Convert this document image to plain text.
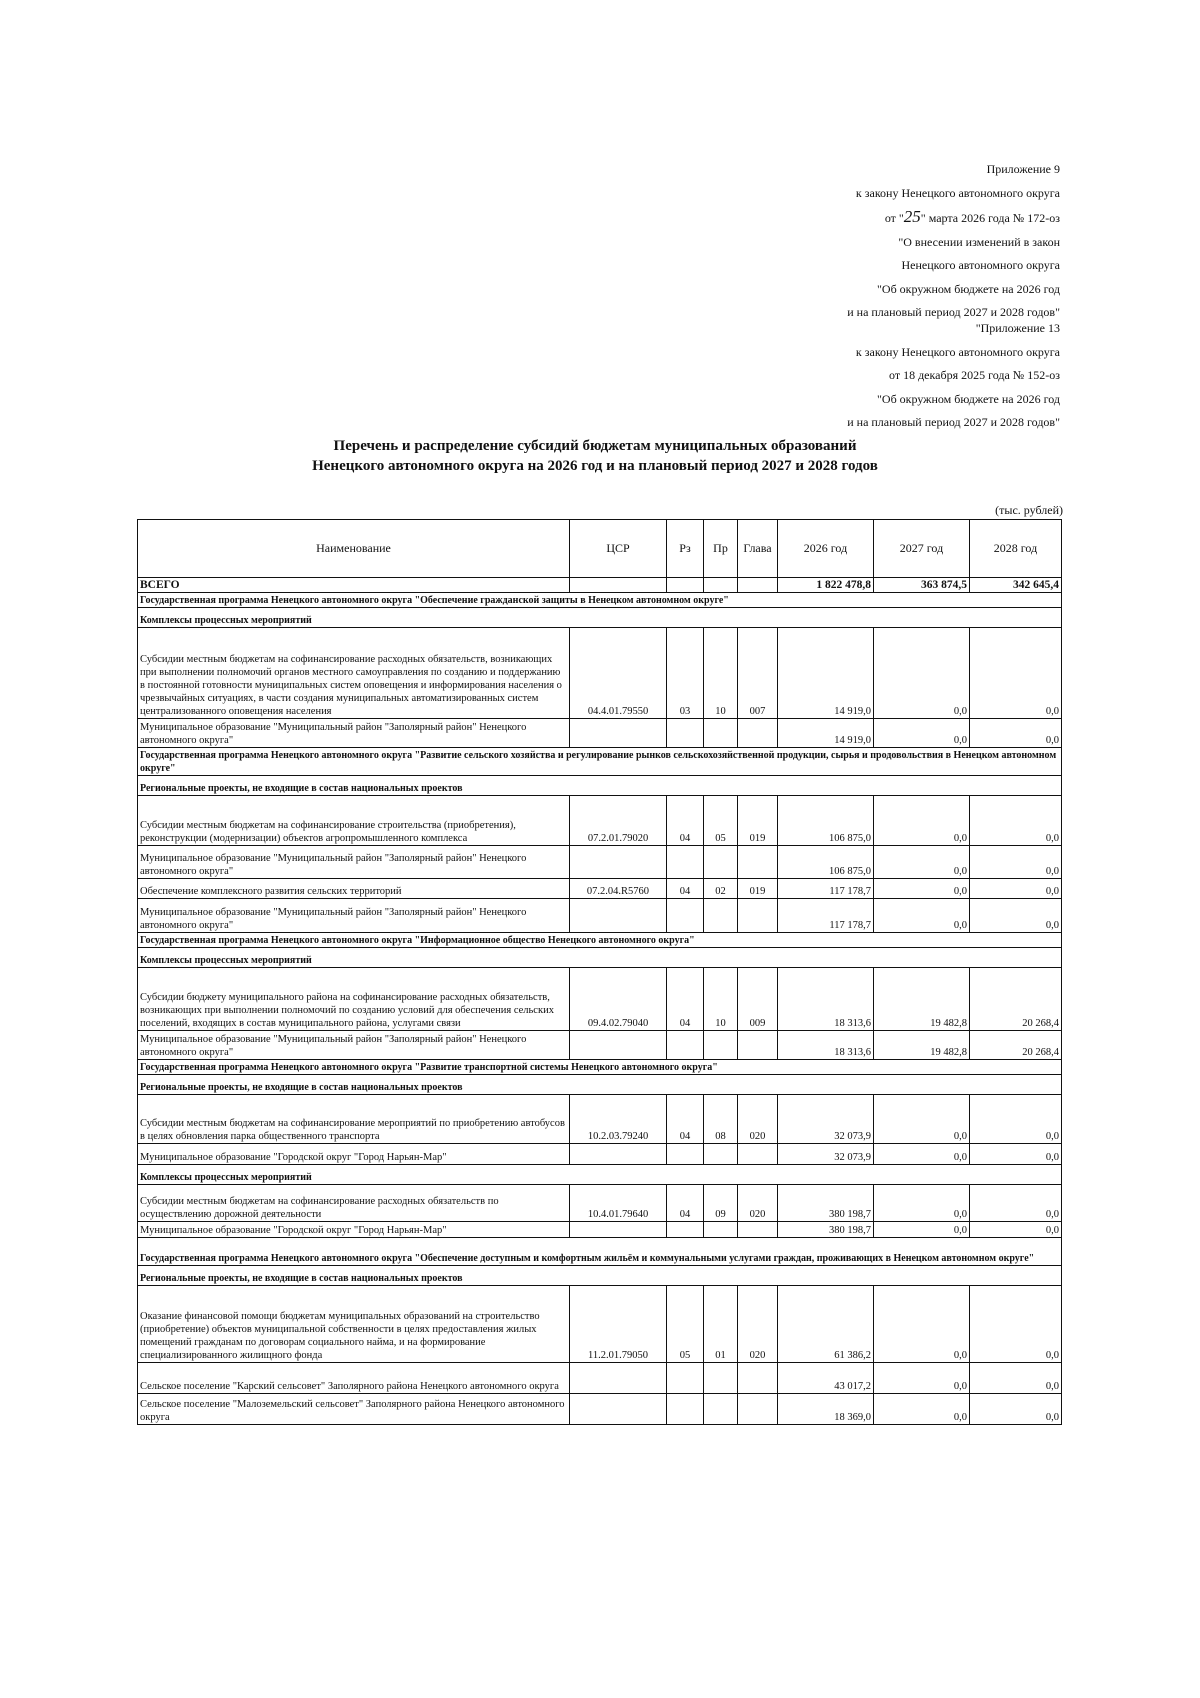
Приложение 9
к закону Ненецкого автономного округа
от "25" марта 2026 года № 172-оз
"О внесении изменений в закон
Ненецкого автономного округа
"Об окружном бюджете на 2026 год
и на плановый период 2027 и 2028 годов"
"Приложение 13
к закону Ненецкого автономного округа
от 18 декабря 2025 года № 152-оз
"Об окружном бюджете на 2026 год
и на плановый период 2027 и 2028 годов"
Перечень и распределение субсидий бюджетам муниципальных образований
Ненецкого автономного округа на 2026 год и на плановый период 2027 и 2028 годов
(тыс. рублей)
Наименование	ЦСР	Рз	Пр	Глава	2026 год	2027 год	2028 год
ВСЕГО					1 822 478,8	363 874,5	342 645,4
Государственная программа Ненецкого автономного округа "Обеспечение гражданской защиты в Ненецком автономном округе"							
Комплексы процессных мероприятий							
Субсидии местным бюджетам на софинансирование расходных обязательств, возникающих при выполнении полномочий органов местного самоуправления по созданию и поддержанию в постоянной готовности муниципальных систем оповещения и информирования населения о чрезвычайных ситуациях, в части создания муниципальных автоматизированных систем централизованного оповещения населения	04.4.01.79550	03	10	007	14 919,0	0,0	0,0
Муниципальное образование "Муниципальный район "Заполярный район" Ненецкого автономного округа"					14 919,0	0,0	0,0
Государственная программа Ненецкого автономного округа "Развитие сельского хозяйства и регулирование рынков сельскохозяйственной продукции, сырья и продовольствия в Ненецком автономном округе"							
Региональные проекты, не входящие в состав национальных проектов							
Субсидии местным бюджетам на софинансирование строительства (приобретения), реконструкции (модернизации) объектов агропромышленного комплекса	07.2.01.79020	04	05	019	106 875,0	0,0	0,0
Муниципальное образование "Муниципальный район "Заполярный район" Ненецкого автономного округа"					106 875,0	0,0	0,0
Обеспечение комплексного развития сельских территорий	07.2.04.R5760	04	02	019	117 178,7	0,0	0,0
Муниципальное образование "Муниципальный район "Заполярный район" Ненецкого автономного округа"					117 178,7	0,0	0,0
Государственная программа Ненецкого автономного округа "Информационное общество Ненецкого автономного округа"							
Комплексы процессных мероприятий							
Субсидии бюджету муниципального района на софинансирование расходных обязательств, возникающих при выполнении полномочий по созданию условий для обеспечения сельских поселений, входящих в состав муниципального района, услугами связи	09.4.02.79040	04	10	009	18 313,6	19 482,8	20 268,4
Муниципальное образование "Муниципальный район "Заполярный район" Ненецкого автономного округа"					18 313,6	19 482,8	20 268,4
Государственная программа Ненецкого автономного округа "Развитие транспортной системы Ненецкого автономного округа"							
Региональные проекты, не входящие в состав национальных проектов							
Субсидии местным бюджетам на софинансирование мероприятий по приобретению автобусов в целях обновления парка общественного транспорта	10.2.03.79240	04	08	020	32 073,9	0,0	0,0
Муниципальное образование "Городской округ "Город Нарьян-Мар"					32 073,9	0,0	0,0
Комплексы процессных мероприятий							
Субсидии местным бюджетам на софинансирование расходных обязательств по осуществлению дорожной деятельности	10.4.01.79640	04	09	020	380 198,7	0,0	0,0
Муниципальное образование "Городской округ "Город Нарьян-Мар"					380 198,7	0,0	0,0
Государственная программа Ненецкого автономного округа "Обеспечение доступным и комфортным жильём и коммунальными услугами граждан, проживающих в Ненецком автономном округе"							
Региональные проекты, не входящие в состав национальных проектов							
Оказание финансовой помощи бюджетам муниципальных образований на строительство (приобретение) объектов муниципальной собственности в целях предоставления жилых помещений гражданам по договорам социального найма, и на формирование специализированного жилищного фонда	11.2.01.79050	05	01	020	61 386,2	0,0	0,0
Сельское поселение "Карский сельсовет" Заполярного района Ненецкого автономного округа					43 017,2	0,0	0,0
Сельское поселение "Малоземельский сельсовет" Заполярного района Ненецкого автономного округа					18 369,0	0,0	0,0
